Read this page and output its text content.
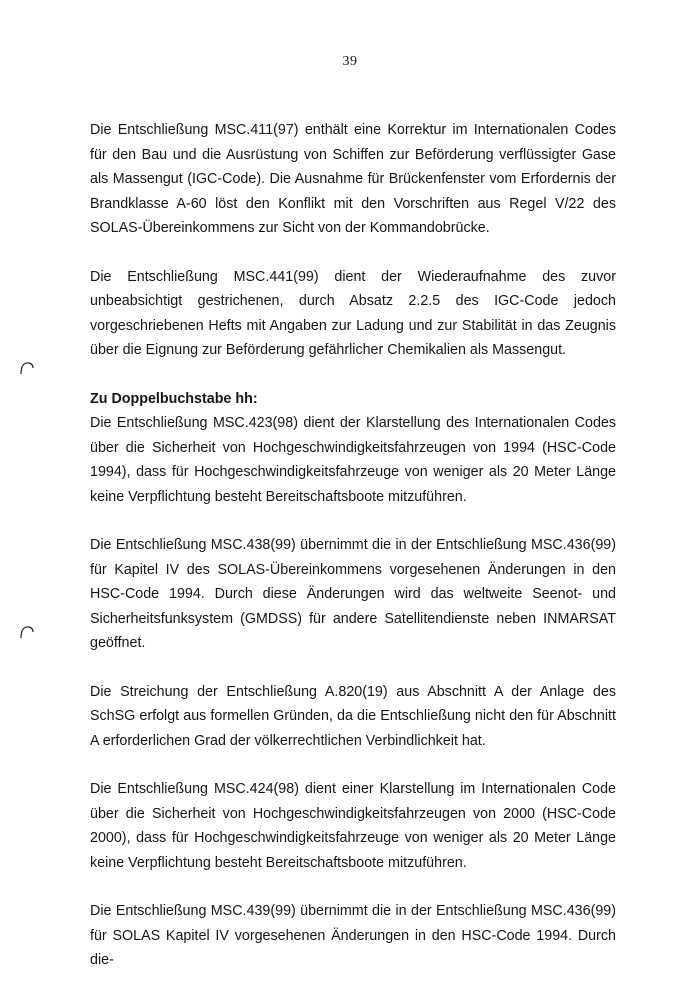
39

Die Entschließung MSC.411(97) enthält eine Korrektur im Internationalen Codes für den Bau und die Ausrüstung von Schiffen zur Beförderung verflüssigter Gase als Massengut (IGC-Code). Die Ausnahme für Brückenfenster vom Erfordernis der Brandklasse A-60 löst den Konflikt mit den Vorschriften aus Regel V/22 des SOLAS-Übereinkommens zur Sicht von der Kommandobrücke.

Die Entschließung MSC.441(99) dient der Wiederaufnahme des zuvor unbeabsichtigt gestrichenen, durch Absatz 2.2.5 des IGC-Code jedoch vorgeschriebenen Hefts mit Angaben zur Ladung und zur Stabilität in das Zeugnis über die Eignung zur Beförderung gefährlicher Chemikalien als Massengut.

Zu Doppelbuchstabe hh:

Die Entschließung MSC.423(98) dient der Klarstellung des Internationalen Codes über die Sicherheit von Hochgeschwindigkeitsfahrzeugen von 1994 (HSC-Code 1994), dass für Hochgeschwindigkeitsfahrzeuge von weniger als 20 Meter Länge keine Verpflichtung besteht Bereitschaftsboote mitzuführen.

Die Entschließung MSC.438(99) übernimmt die in der Entschließung MSC.436(99) für Kapitel IV des SOLAS-Übereinkommens vorgesehenen Änderungen in den HSC-Code 1994. Durch diese Änderungen wird das weltweite Seenot- und Sicherheitsfunksystem (GMDSS) für andere Satellitendienste neben INMARSAT geöffnet.

Die Streichung der Entschließung A.820(19) aus Abschnitt A der Anlage des SchSG erfolgt aus formellen Gründen, da die Entschließung nicht den für Abschnitt A erforderlichen Grad der völkerrechtlichen Verbindlichkeit hat.

Die Entschließung MSC.424(98) dient einer Klarstellung im Internationalen Code über die Sicherheit von Hochgeschwindigkeitsfahrzeugen von 2000 (HSC-Code 2000), dass für Hochgeschwindigkeitsfahrzeuge von weniger als 20 Meter Länge keine Verpflichtung besteht Bereitschaftsboote mitzuführen.

Die Entschließung MSC.439(99) übernimmt die in der Entschließung MSC.436(99) für SOLAS Kapitel IV vorgesehenen Änderungen in den HSC-Code 1994. Durch die-
